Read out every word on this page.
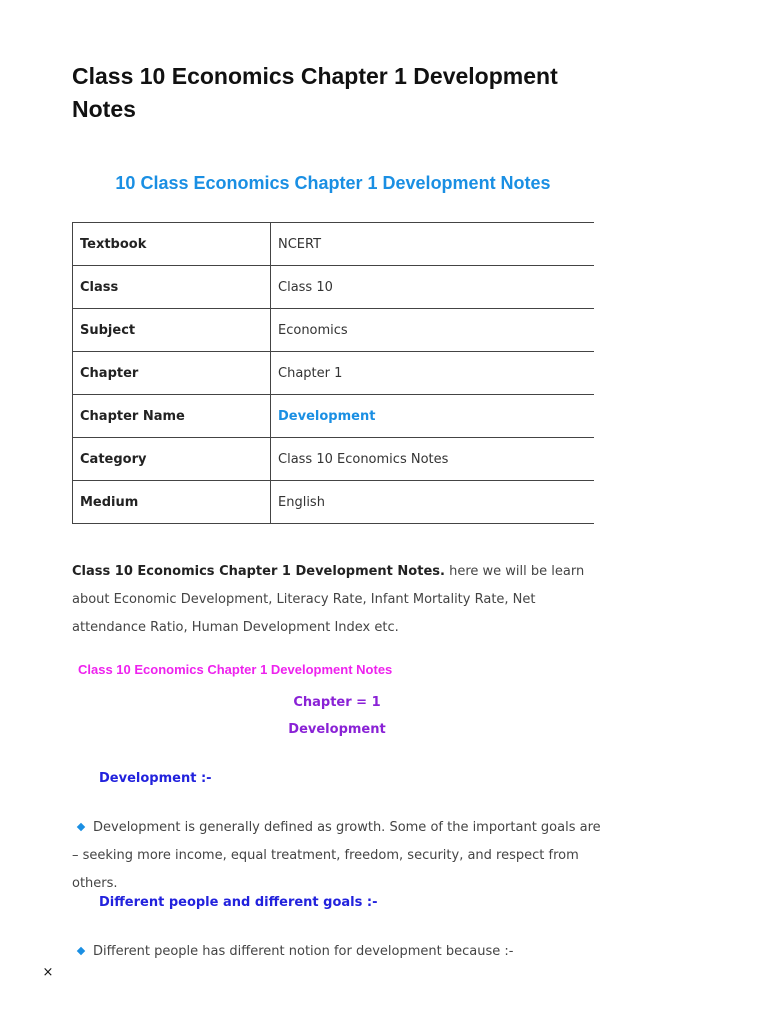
Class 10 Economics Chapter 1 Development Notes
10 Class Economics Chapter 1 Development Notes
Textbook	NCERT
Class	Class 10
Subject	Economics
Chapter	Chapter 1
Chapter Name	Development
Category	Class 10 Economics Notes
Medium	English

Class 10 Economics Chapter 1 Development Notes. here we will be learn about Economic Development, Literacy Rate, Infant Mortality Rate, Net attendance Ratio, Human Development Index etc.

Class 10 Economics Chapter 1 Development Notes

Chapter = 1

Development

Development :-

Development is generally defined as growth. Some of the important goals are – seeking more income, equal treatment, freedom, security, and respect from others.

Different people and different goals :-

Different people has different notion for development because :-

×
